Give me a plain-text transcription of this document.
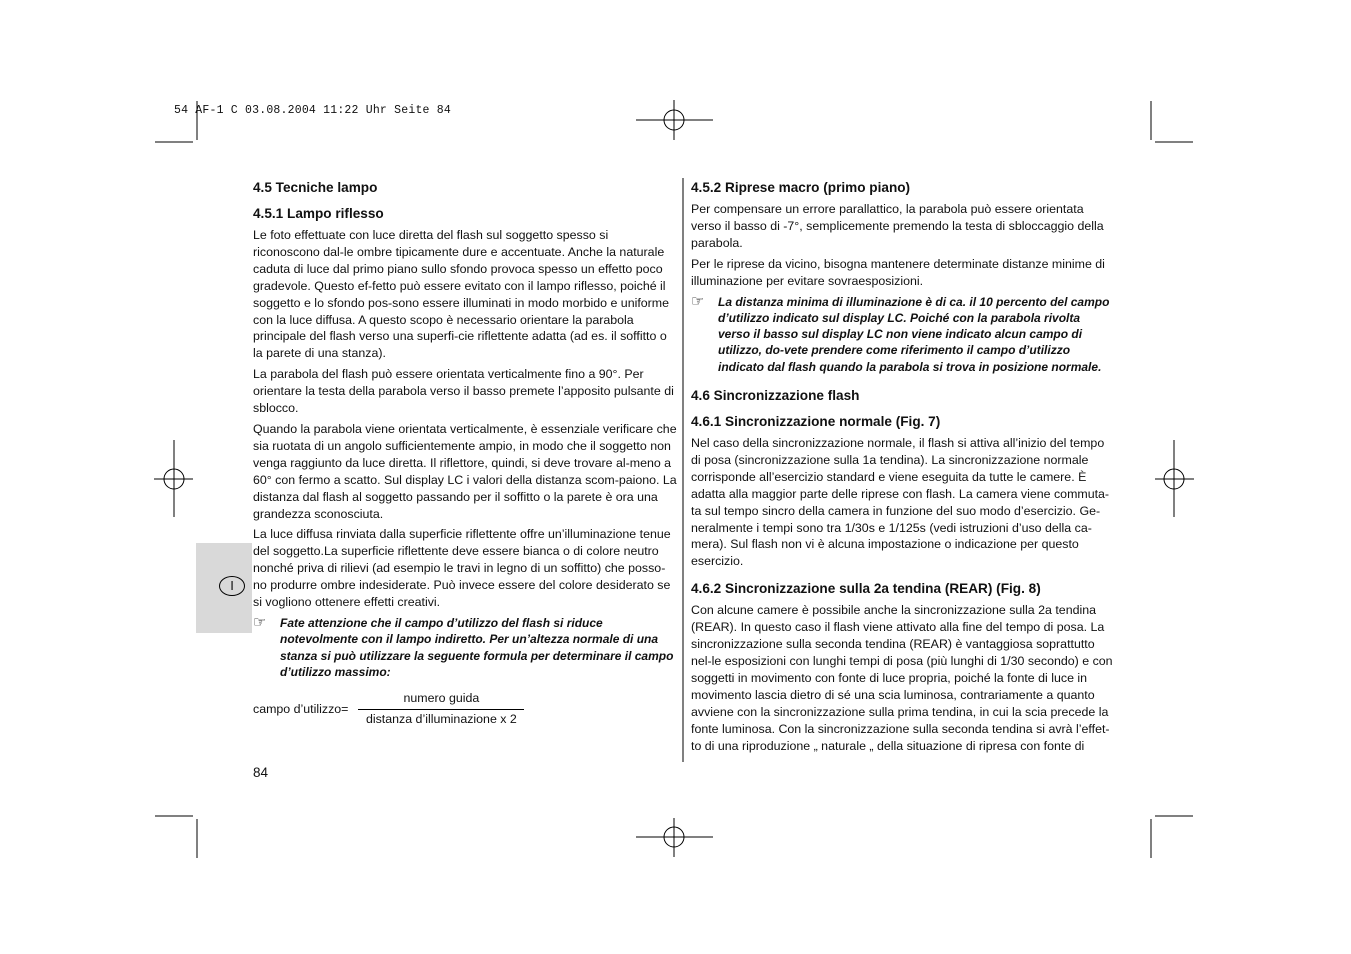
54 AF-1 C 03.08.2004 11:22 Uhr Seite 84
I
4.5 Tecniche lampo
4.5.1 Lampo riflesso

Le foto effettuate con luce diretta del flash sul soggetto spesso si riconoscono dal-le ombre tipicamente dure e accentuate. Anche la naturale caduta di luce dal primo piano sullo sfondo provoca spesso un effetto poco gradevole. Questo ef-fetto può essere evitato con il lampo riflesso, poiché il soggetto e lo sfondo pos-sono essere illuminati in modo morbido e uniforme con la luce diffusa. A questo scopo è necessario orientare la parabola principale del flash verso una superfi-cie riflettente adatta (ad es. il soffitto o la parete di una stanza).

La parabola del flash può essere orientata verticalmente fino a 90°. Per orientare la testa della parabola verso il basso premete l’apposito pulsante di sblocco.

Quando la parabola viene orientata verticalmente, è essenziale verificare che sia ruotata di un angolo sufficientemente ampio, in modo che il soggetto non venga raggiunto da luce diretta. Il riflettore, quindi, si deve trovare al-meno a 60° con fermo a scatto. Sul display LC i valori della distanza scom-paiono. La distanza dal flash al soggetto passando per il soffitto o la parete è ora una grandezza sconosciuta.

La luce diffusa rinviata dalla superficie riflettente offre un’illuminazione tenue del soggetto.La superficie riflettente deve essere bianca o di colore neutro nonché priva di rilievi (ad esempio le travi in legno di un soffitto) che posso-no produrre ombre indesiderate. Può invece essere del colore desiderato se si vogliono ottenere effetti creativi.

☞	Fate attenzione che il campo d’utilizzo del flash si riduce notevolmente con il lampo indiretto. Per un’altezza normale di una stanza si può utilizzare la seguente formula per determinare il campo d’utilizzo massimo:
campo d’utilizzo= $\frac{\text{numero guida}}{\text{distanza d’illuminazione x 2}}$
4.5.2 Riprese macro (primo piano)

Per compensare un errore parallattico, la parabola può essere orientata verso il basso di -7°, semplicemente premendo la testa di sbloccaggio della parabola.

Per le riprese da vicino, bisogna mantenere determinate distanze minime di illuminazione per evitare sovraesposizioni.

☞	La distanza minima di illuminazione è di ca. il 10 percento del campo d’utilizzo indicato sul display LC. Poiché con la parabola rivolta verso il basso sul display LC non viene indicato alcun campo di utilizzo, do-vete prendere come riferimento il campo d’utilizzo indicato dal flash quando la parabola si trova in posizione normale.
4.6 Sincronizzazione flash
4.6.1 Sincronizzazione normale (Fig. 7)

Nel caso della sincronizzazione normale, il flash si attiva all’inizio del tempo di posa (sincronizzazione sulla 1a tendina). La sincronizzazione normale corrisponde all’esercizio standard e viene eseguita da tutte le camere. È adatta alla maggior parte delle riprese con flash. La camera viene commuta-ta sul tempo sincro della camera in funzione del suo modo d’esercizio. Ge-neralmente i tempi sono tra 1/30s e 1/125s (vedi istruzioni d’uso della ca-mera). Sul flash non vi è alcuna impostazione o indicazione per questo esercizio.

4.6.2 Sincronizzazione sulla 2a tendina (REAR) (Fig. 8)

Con alcune camere è possibile anche la sincronizzazione sulla 2a tendina (REAR). In questo caso il flash viene attivato alla fine del tempo di posa. La sincronizzazione sulla seconda tendina (REAR) è vantaggiosa soprattutto nel-le esposizioni con lunghi tempi di posa (più lunghi di 1/30 secondo) e con soggetti in movimento con fonte di luce propria, poiché la fonte di luce in movimento lascia dietro di sé una scia luminosa, contrariamente a quanto avviene con la sincronizzazione sulla prima tendina, in cui la scia precede la fonte luminosa. Con la sincronizzazione sulla seconda tendina si avrà l’effet-to di una riproduzione „ naturale „ della situazione di ripresa con fonte di

84
